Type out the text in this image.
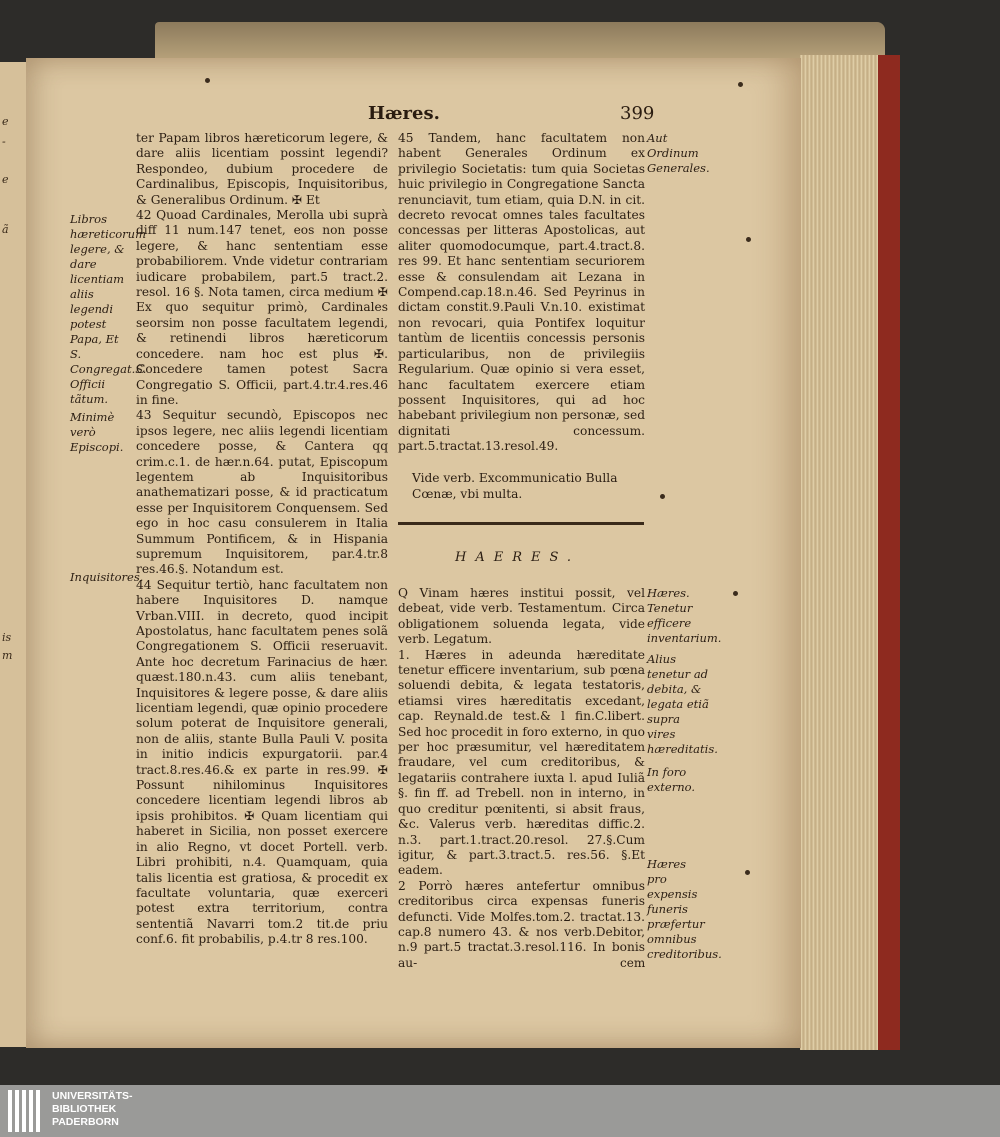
e
-
e
ã
is
m
Hæres.	399
Libros hæreticorum legere, & dare licentiam aliis legendi potest Papa, Et S. Congregat.S. Officii tãtum.
Minimè verò Episcopi.
Inquisitores.

ter Papam libros hæreticorum legere, & dare aliis licentiam possint legendi? Respondeo, dubium procedere de Cardinalibus, Episcopis, Inquisitoribus, & Generalibus Ordinum. ✠ Et

42 Quoad Cardinales, Merolla ubi suprà diff 11 num.147 tenet, eos non posse legere, & hanc sententiam esse probabiliorem. Vnde videtur contrariam iudicare probabilem, part.5 tract.2. resol. 16 §. Nota tamen, circa medium ✠ Ex quo sequitur primò, Cardinales seorsim non posse facultatem legendi, & retinendi libros hæreticorum concedere. nam hoc est plus ✠. Concedere tamen potest Sacra Congregatio S. Officii, part.4.tr.4.res.46 in fine.

43 Sequitur secundò, Episcopos nec ipsos legere, nec aliis legendi licentiam concedere posse, & Cantera qq crim.c.1. de hær.n.64. putat, Episcopum legentem ab Inquisitoribus anathematizari posse, & id practicatum esse per Inquisitorem Conquensem. Sed ego in hoc casu consulerem in Italia Summum Pontificem, & in Hispania supremum Inquisitorem, par.4.tr.8 res.46.§. Notandum est.

44 Sequitur tertiò, hanc facultatem non habere Inquisitores D. namque Vrban.VIII. in decreto, quod incipit Apostolatus, hanc facultatem penes solã Congregationem S. Officii reseruavit. Ante hoc decretum Farinacius de hær. quæst.180.n.43. cum aliis tenebant, Inquisitores & legere posse, & dare aliis licentiam legendi, quæ opinio procedere solum poterat de Inquisitore generali, non de aliis, stante Bulla Pauli V. posita in initio indicis expurgatorii. par.4 tract.8.res.46.& ex parte in res.99. ✠ Possunt nihilominus Inquisitores concedere licentiam legendi libros ab ipsis prohibitos. ✠ Quam licentiam qui haberet in Sicilia, non posset exercere in alio Regno, vt docet Portell. verb. Libri prohibiti, n.4. Quamquam, quia talis licentia est gratiosa, & procedit ex facultate voluntaria, quæ exerceri potest extra territorium, contra sententiã Navarri tom.2 tit.de priu conf.6. fit probabilis, p.4.tr 8 res.100.

45 Tandem, hanc facultatem non habent Generales Ordinum ex privilegio Societatis: tum quia Societas huic privilegio in Congregatione Sancta renunciavit, tum etiam, quia D.N. in cit. decreto revocat omnes tales facultates concessas per litteras Apostolicas, aut aliter quomodocumque, part.4.tract.8. res 99. Et hanc sententiam securiorem esse & consulendam ait Lezana in Compend.cap.18.n.46. Sed Peyrinus in dictam constit.9.Pauli V.n.10. existimat non revocari, quia Pontifex loquitur tantùm de licentiis concessis personis particularibus, non de privilegiis Regularium. Quæ opinio si vera esset, hanc facultatem exercere etiam possent Inquisitores, qui ad hoc habebant privilegium non personæ, sed dignitati concessum. part.5.tractat.13.resol.49.

Aut Ordinum Generales.
Vide verb. Excommunicatio Bulla Cœnæ, vbi multa.
HAERES.

Q Vinam hæres institui possit, vel debeat, vide verb. Testamentum. Circa obligationem soluenda legata, vide verb. Legatum.

1. Hæres in adeunda hæreditate tenetur efficere inventarium, sub pœna soluendi debita, & legata testatoris, etiamsi vires hæreditatis excedant, cap. Reynald.de test.& l fin.C.libert. Sed hoc procedit in foro externo, in quo per hoc præsumitur, vel hæreditatem fraudare, vel cum creditoribus, & legatariis contrahere iuxta l. apud Iuliã §. fin ff. ad Trebell. non in interno, in quo creditur pœnitenti, si absit fraus, &c. Valerus verb. hæreditas diffic.2. n.3. part.1.tract.20.resol. 27.§.Cum igitur, & part.3.tract.5. res.56. §.Et eadem.

2 Porrò hæres antefertur omnibus creditoribus circa expensas funeris defuncti. Vide Molfes.tom.2. tractat.13. cap.8 numero 43. & nos verb.Debitor, n.9 part.5 tractat.3.resol.116. In bonis au-

Hæres. Tenetur efficere inventarium.
Alius tenetur ad debita, & legata etiã supra vires hæreditatis.
In foro externo.
Hæres pro expensis funeris præfertur omnibus creditoribus.
cem
UNIVERSITÄTS-
BIBLIOTHEK
PADERBORN
